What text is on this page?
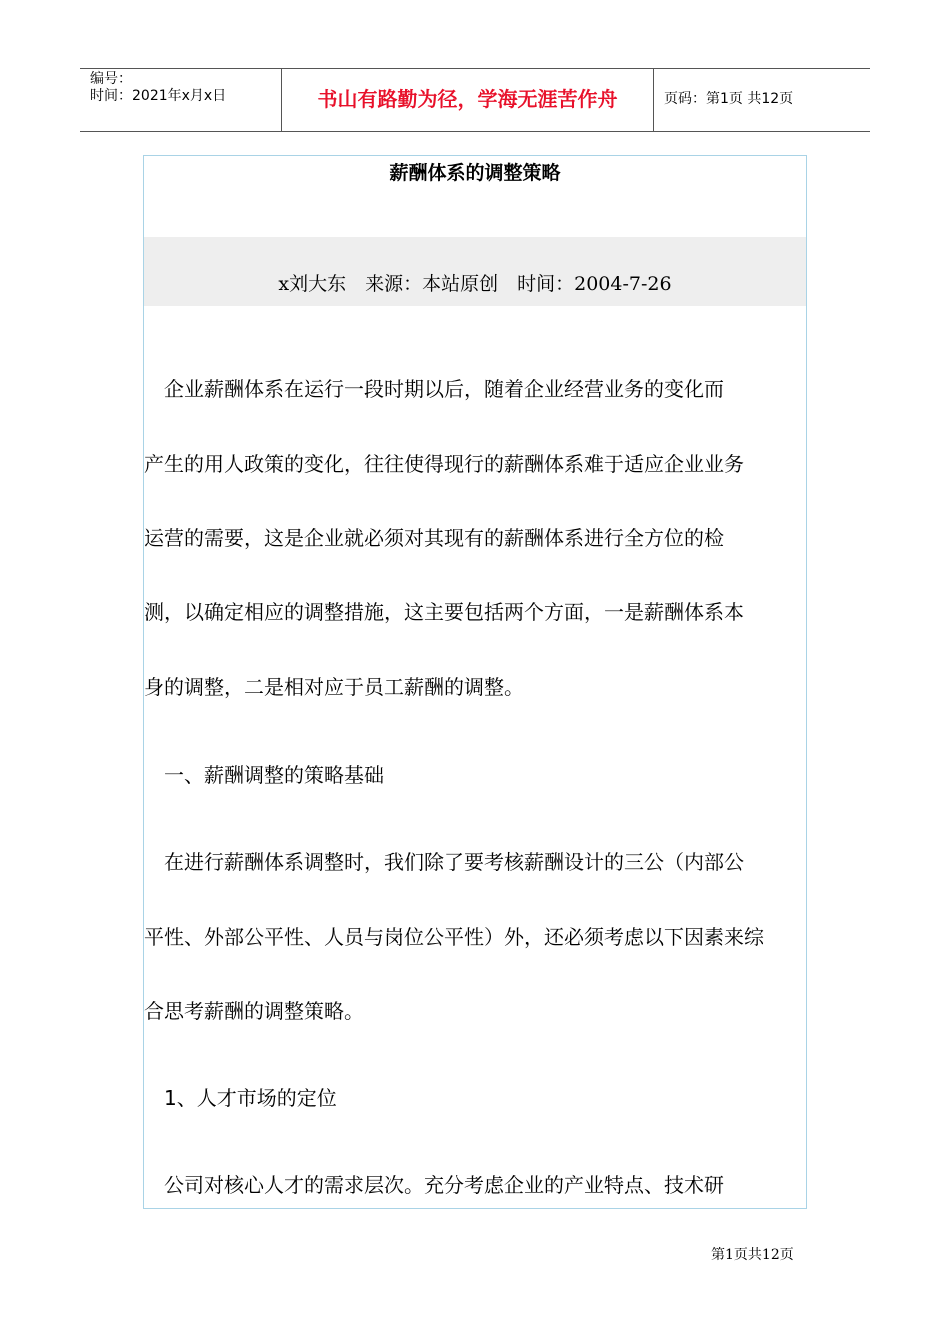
编号：
时间：2021年x月x日	书山有路勤为径，学海无涯苦作舟	页码：第1页 共12页
薪酬体系的调整策略
x刘大东　来源：本站原创　时间：2004-7-26
　企业薪酬体系在运行一段时期以后，随着企业经营业务的变化而
产生的用人政策的变化，往往使得现行的薪酬体系难于适应企业业务
运营的需要，这是企业就必须对其现有的薪酬体系进行全方位的检
测，以确定相应的调整措施，这主要包括两个方面，一是薪酬体系本
身的调整，二是相对应于员工薪酬的调整。
　一、薪酬调整的策略基础
　在进行薪酬体系调整时，我们除了要考核薪酬设计的三公（内部公
平性、外部公平性、人员与岗位公平性）外，还必须考虑以下因素来综
合思考薪酬的调整策略。
　1、人才市场的定位
　公司对核心人才的需求层次。充分考虑企业的产业特点、技术研
第1页共12页
